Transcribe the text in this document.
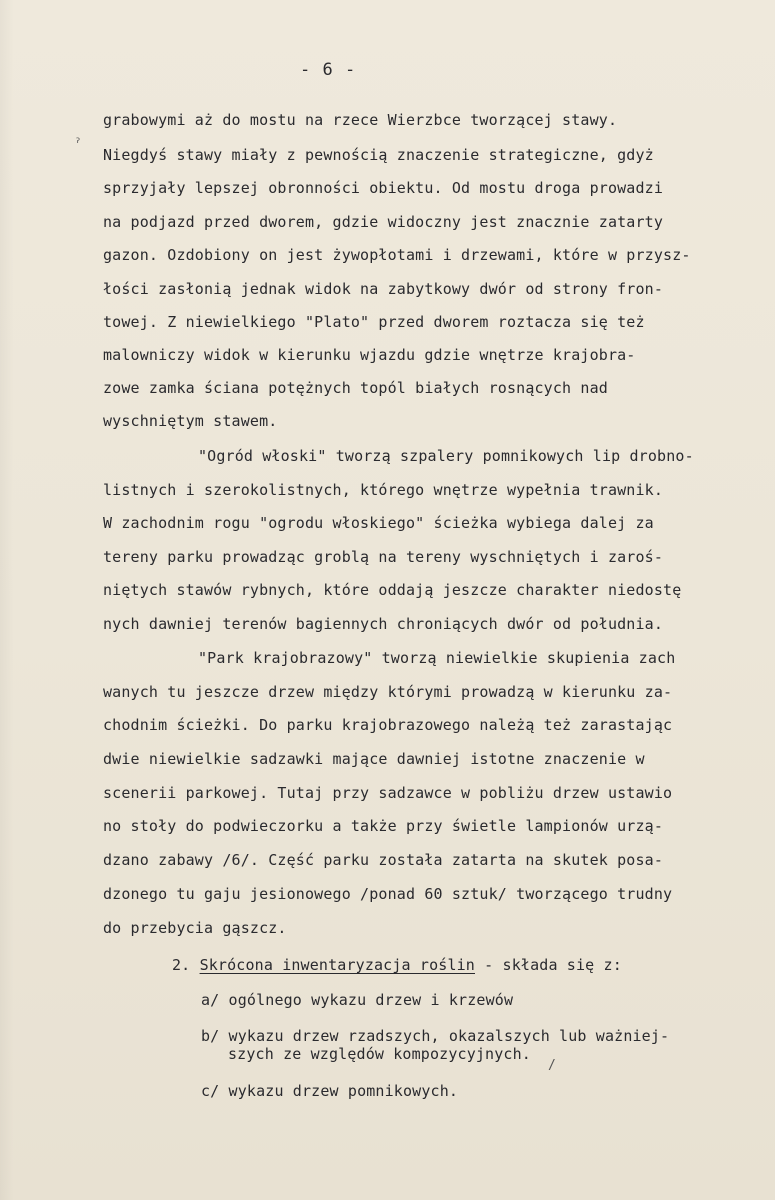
- 6 -
ˀ
grabowymi aż do mostu na rzece Wierzbce tworzącej stawy.
Niegdyś stawy miały z pewnością znaczenie strategiczne, gdyż
sprzyjały lepszej obronności obiektu. Od mostu droga prowadzi
na podjazd przed dworem, gdzie widoczny jest znacznie zatarty
gazon. Ozdobiony on jest żywopłotami i drzewami, które w przysz-
łości zasłonią jednak widok na zabytkowy dwór od strony fron-
towej. Z niewielkiego "Plato" przed dworem roztacza się też
malowniczy widok w kierunku wjazdu gdzie wnętrze krajobra-
zowe zamka ściana potężnych topól białych rosnących nad
wyschniętym stawem.
"Ogród włoski" tworzą szpalery pomnikowych lip drobno-
listnych i szerokolistnych, którego wnętrze wypełnia trawnik.
W zachodnim rogu "ogrodu włoskiego" ścieżka wybiega dalej za
tereny parku prowadząc groblą na tereny wyschniętych i zaroś-
niętych stawów rybnych, które oddają jeszcze charakter niedostę
nych dawniej terenów bagiennych chroniących dwór od południa.
"Park krajobrazowy" tworzą niewielkie skupienia zach
wanych tu jeszcze drzew między którymi prowadzą w kierunku za-
chodnim ścieżki. Do parku krajobrazowego należą też zarastając
dwie niewielkie sadzawki mające dawniej istotne znaczenie w
scenerii parkowej. Tutaj przy sadzawce w pobliżu drzew ustawio
no stoły do podwieczorku a także przy świetle lampionów urzą-
dzano zabawy /6/. Część parku została zatarta na skutek posa-
dzonego tu gaju jesionowego /ponad 60 sztuk/ tworzącego trudny
do przebycia gąszcz.
2. Skrócona inwentaryzacja roślin - składa się z:
a/ ogólnego wykazu drzew i krzewów
b/ wykazu drzew rzadszych, okazalszych lub ważniej-
szych ze względów kompozycyjnych.
c/ wykazu drzew pomnikowych.
/
